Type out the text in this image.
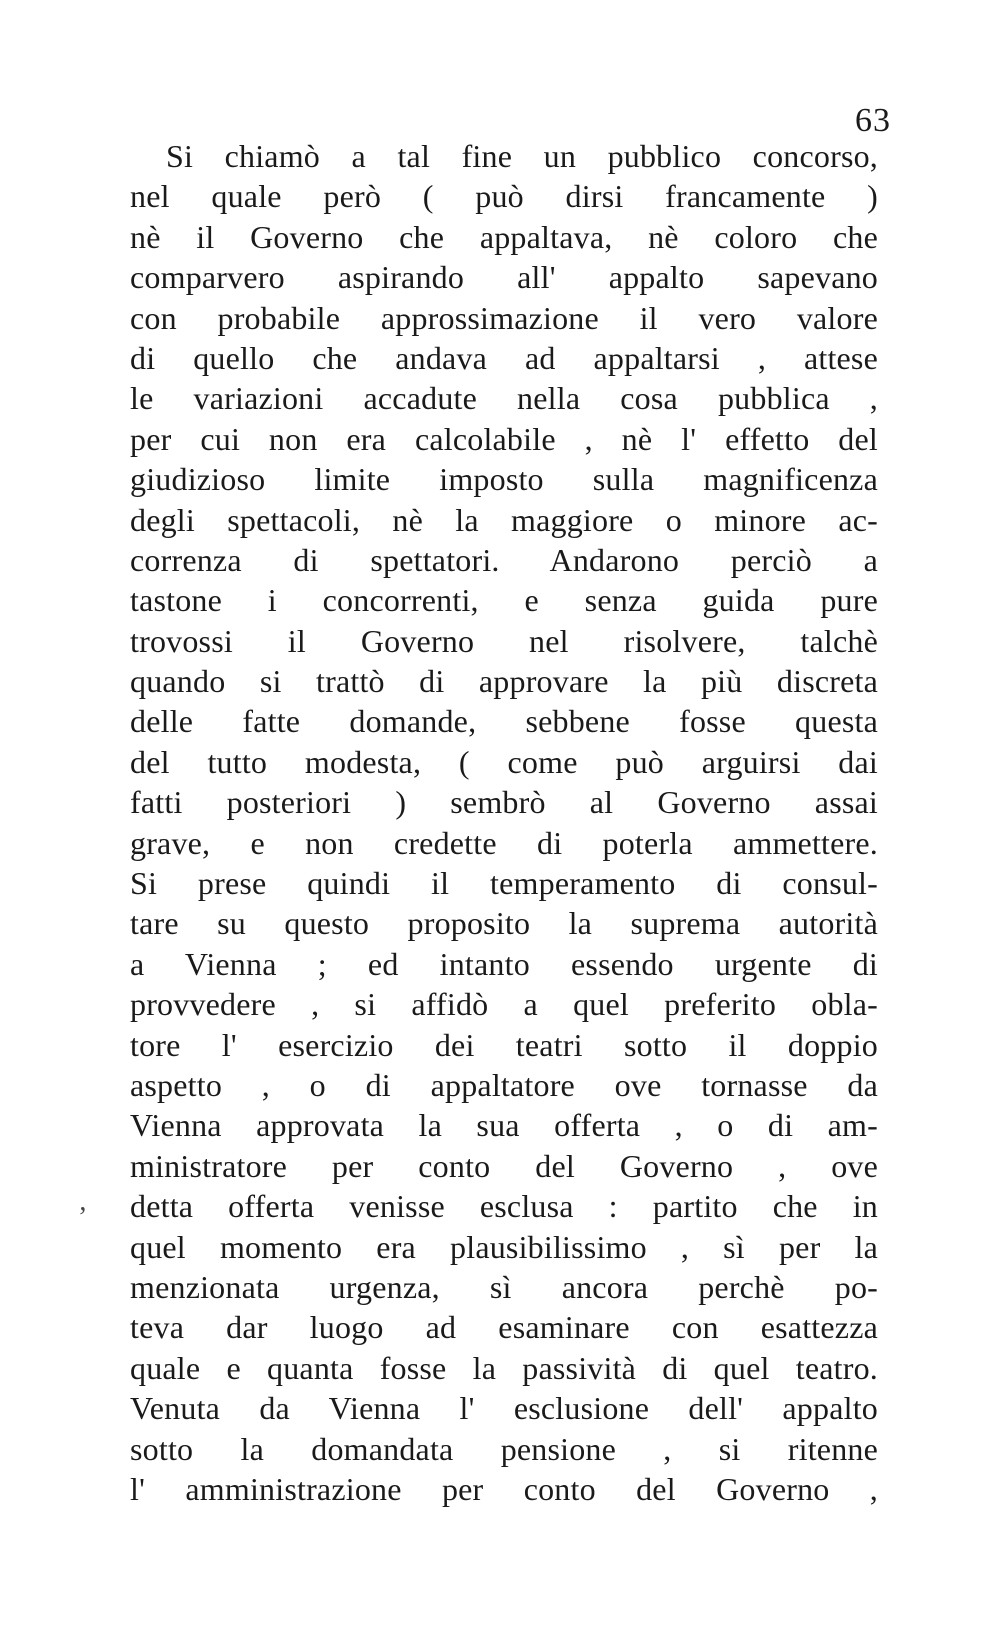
63
’
Si chiamò a tal fine un pubblico concorso,
nel quale però ( può dirsi francamente )
nè il Governo che appaltava, nè coloro che
comparvero aspirando all' appalto sapevano
con probabile approssimazione il vero valore
di quello che andava ad appaltarsi , attese
le variazioni accadute nella cosa pubblica ,
per cui non era calcolabile , nè l' effetto del
giudizioso limite imposto sulla magnificenza
degli spettacoli, nè la maggiore o minore ac-
correnza di spettatori. Andarono perciò a
tastone i concorrenti, e senza guida pure
trovossi il Governo nel risolvere, talchè
quando si trattò di approvare la più discreta
delle fatte domande, sebbene fosse questa
del tutto modesta, ( come può arguirsi dai
fatti posteriori ) sembrò al Governo assai
grave, e non credette di poterla ammettere.
Si prese quindi il temperamento di consul-
tare su questo proposito la suprema autorità
a Vienna ; ed intanto essendo urgente di
provvedere , si affidò a quel preferito obla-
tore l' esercizio dei teatri sotto il doppio
aspetto , o di appaltatore ove tornasse da
Vienna approvata la sua offerta , o di am-
ministratore per conto del Governo , ove
detta offerta venisse esclusa : partito che in
quel momento era plausibilissimo , sì per la
menzionata urgenza, sì ancora perchè po-
teva dar luogo ad esaminare con esattezza
quale e quanta fosse la passività di quel teatro.
Venuta da Vienna l' esclusione dell' appalto
sotto la domandata pensione , si ritenne
l' amministrazione per conto del Governo ,
